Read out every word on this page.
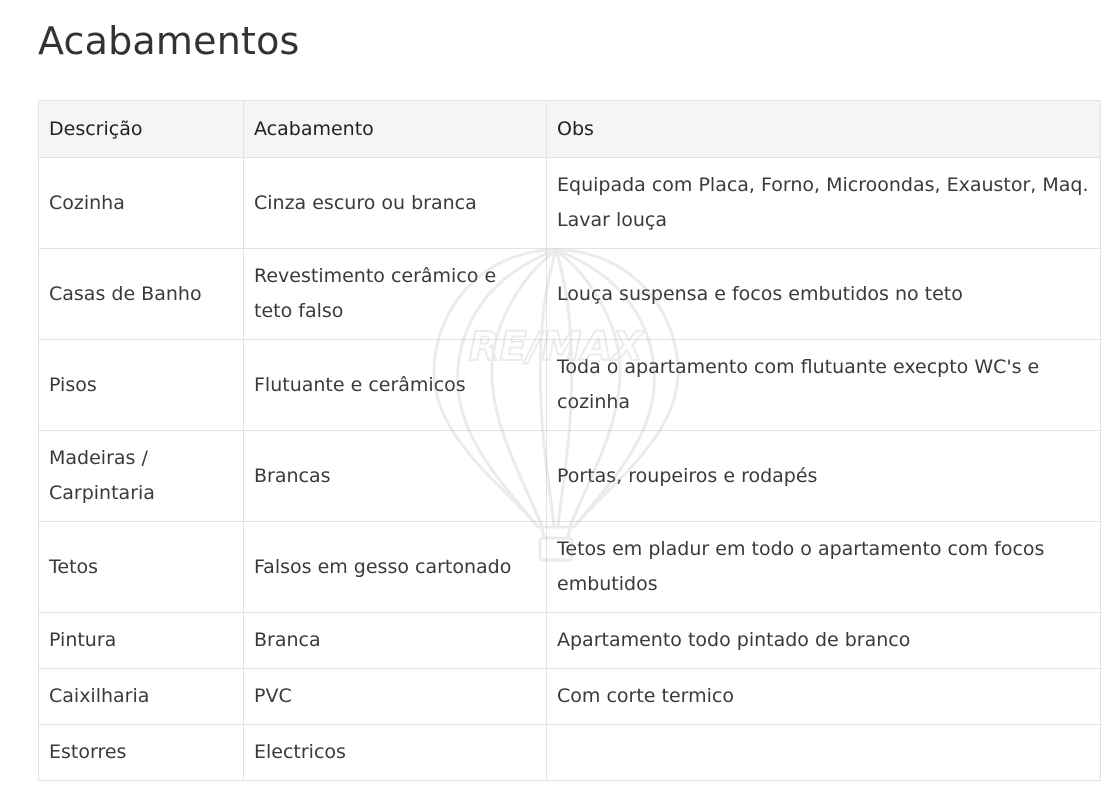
Acabamentos
Descrição	Acabamento	Obs
Cozinha	Cinza escuro ou branca	Equipada com Placa, Forno, Microondas, Exaustor, Maq. Lavar louça
Casas de Banho	Revestimento cerâmico e teto falso	Louça suspensa e focos embutidos no teto
Pisos	Flutuante e cerâmicos	Toda o apartamento com flutuante execpto WC's e cozinha
Madeiras / Carpintaria	Brancas	Portas, roupeiros e rodapés
Tetos	Falsos em gesso cartonado	Tetos em pladur em todo o apartamento com focos embutidos
Pintura	Branca	Apartamento todo pintado de branco
Caixilharia	PVC	Com corte termico
Estorres	Electricos	
RE/MAX
